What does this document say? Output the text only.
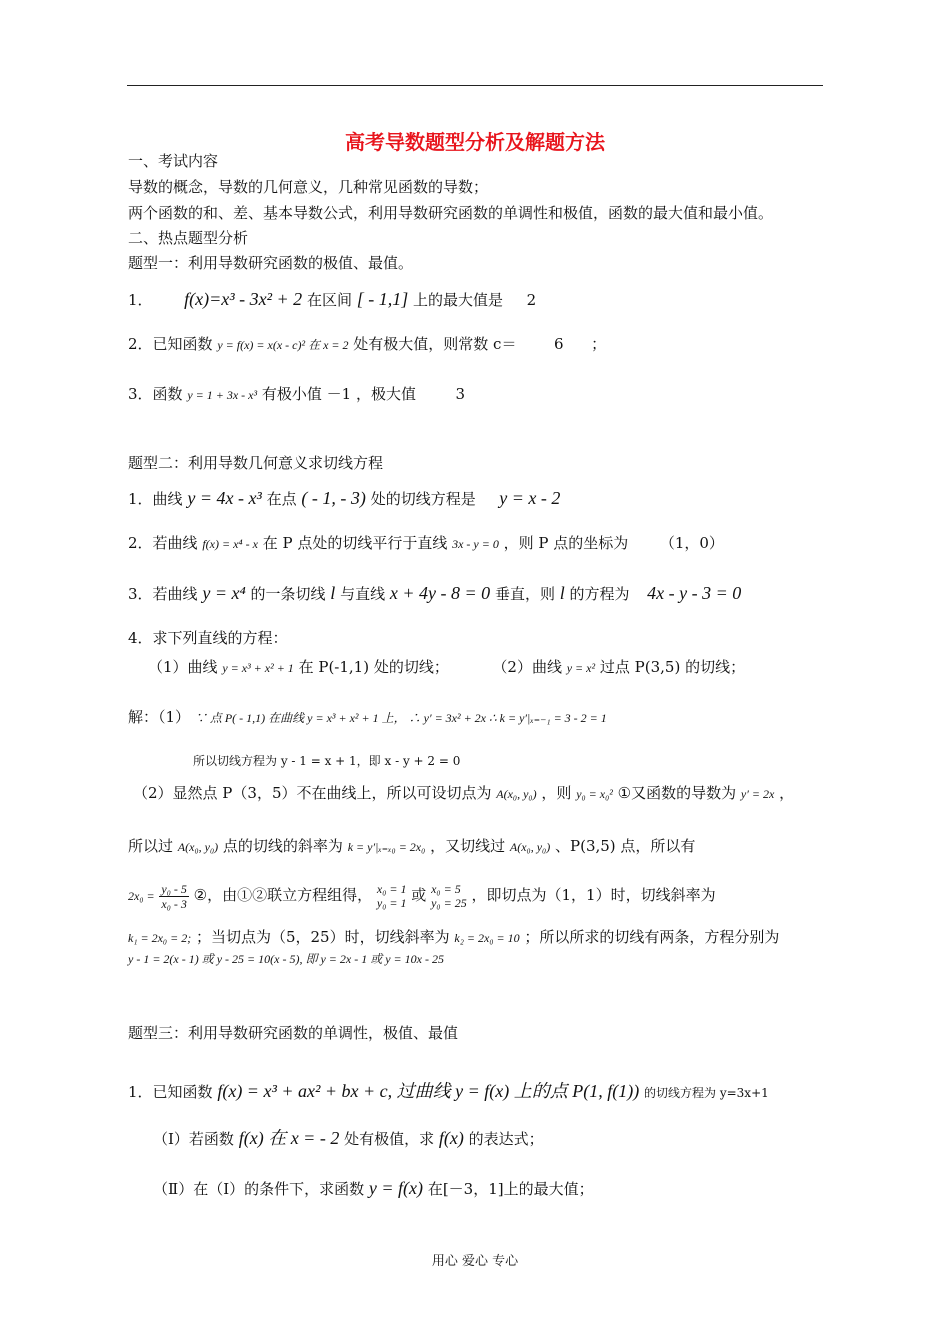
高考导数题型分析及解题方法
一、考试内容
导数的概念，导数的几何意义，几种常见函数的导数；
两个函数的和、差、基本导数公式，利用导数研究函数的单调性和极值，函数的最大值和最小值。
二、热点题型分析
题型一：利用导数研究函数的极值、最值。
1． f(x)=x³ - 3x² + 2 在区间 [ - 1,1] 上的最大值是 2
2．已知函数 y = f(x) = x(x - c)² 在 x = 2 处有极大值，则常数 c＝	6 ；
3．函数 y = 1 + 3x - x³ 有极小值 －1 ，极大值	3
题型二：利用导数几何意义求切线方程
1．曲线 y = 4x - x³ 在点 ( - 1, - 3) 处的切线方程是 y = x - 2
2．若曲线 f(x) = x⁴ - x 在 P 点处的切线平行于直线 3x - y = 0 ，则 P 点的坐标为 （1，0）
3．若曲线 y = x⁴ 的一条切线 l 与直线 x + 4y - 8 = 0 垂直，则 l 的方程为 4x - y - 3 = 0
4．求下列直线的方程：
（1）曲线 y = x³ + x² + 1 在 P(-1,1) 处的切线；	（2）曲线 y = x² 过点 P(3,5) 的切线；
解：（1） ∵ 点 P( - 1,1) 在曲线 y = x³ + x² + 1 上， ∴ y′ = 3x² + 2x ∴ k = y′|ₓ₌₋₁ = 3 - 2 = 1
所以切线方程为 y - 1 = x + 1，即 x - y + 2 = 0
（2）显然点 P（3，5）不在曲线上，所以可设切点为 A(x₀, y₀) ，则 y₀ = x₀² ①又函数的导数为 y′ = 2x ，
所以过 A(x₀, y₀) 点的切线的斜率为 k = y′|ₓ₌ₓ₀ = 2x₀ ，又切线过 A(x₀, y₀) 、P(3,5) 点，所以有
$2x_0 = \frac{\text{y₀ - 5}}{\text{x₀ - 3}}$ ②，由①②联立方程组得， x₀ = 1
y₀ = 1 或 x₀ = 5
y₀ = 25 ，即切点为（1，1）时，切线斜率为
k₁ = 2x₀ = 2; ；当切点为（5，25）时，切线斜率为 k₂ = 2x₀ = 10 ；所以所求的切线有两条，方程分别为
y - 1 = 2(x - 1) 或 y - 25 = 10(x - 5), 即 y = 2x - 1 或 y = 10x - 25
题型三：利用导数研究函数的单调性，极值、最值
1．已知函数 f(x) = x³ + ax² + bx + c, 过曲线 y = f(x) 上的点 P(1, f(1)) 的切线方程为 y=3x+1
（Ⅰ）若函数 f(x) 在 x = - 2 处有极值，求 f(x) 的表达式；
（Ⅱ）在（Ⅰ）的条件下，求函数 y = f(x) 在[－3，1]上的最大值；
用心 爱心 专心
